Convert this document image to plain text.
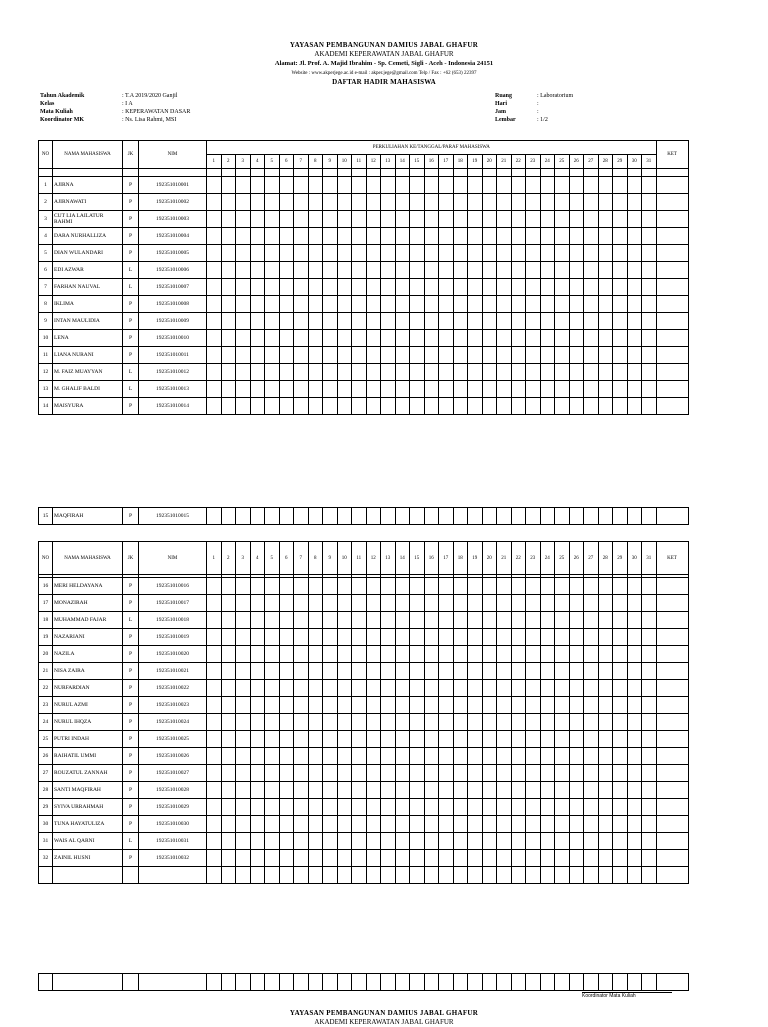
YAYASAN PEMBANGUNAN DAMIUS JABAL GHAFUR
AKADEMI KEPERAWATAN JABAL GHAFUR
Alamat: Jl. Prof. A. Majid Ibrahim - Sp. Cemeti, Sigli - Aceh - Indonesia 24151
Website : www.akperjege.ac.id e-mail : akper.jege@gmail.com Telp / Fax : +62 (653) 22397
DAFTAR HADIR MAHASISWA
Tahun Akademik	: T.A 2019/2020 Ganjil
Kelas	: I A
Mata Kuliah	: KEPERAWATAN DASAR
Koordinator MK	: Ns. Lisa Rahmi, MSI
Ruang	: Laboratorium
Hari	:
Jam	:
Lembar	: 1/2
NO	NAMA MAHASISWA	JK	NIM	PERKULIAHAN KE/TANGGAL/PARAF MAHASISWA																															KET
				1	2	3	4	5	6	7	8	9	10	11	12	13	14	15	16	17	18	19	20	21	22	23	24	25	26	27	28	29	30	31	

1	AJIRNA	P	192351010001																																
2	AJIRNAWATI	P	192351010002																																
3	CUT LIA LAILATUR RAHMI	P	192351010003																																
4	DARA NURHALLIZA	P	192351010004																																
5	DIAN WULANDARI	P	192351010005																																
6	EDI AZWAR	L	192351010006																																
7	FARHAN NAUVAL	L	192351010007																																
8	IKLIMA	P	192351010008																																
9	INTAN MAULIDIA	P	192351010009																																
10	LENA	P	192351010010																																
11	LIANA NURANI	P	192351010011																																
12	M. FAIZ MUAYYAN	L	192351010012																																
13	M. GHALIF BALDI	L	192351010013																																
14	MAISYURA	P	192351010014																																
15	MAQFIRAH	P	192351010015																																
NO	NAMA MAHASISWA	JK	NIM	1	2	3	4	5	6	7	8	9	10	11	12	13	14	15	16	17	18	19	20	21	22	23	24	25	26	27	28	29	30	31	KET

16	MERI HELDAYANA	P	192351010016																																
17	MONAZIRAH	P	192351010017																																
18	MUHAMMAD FAJAR	L	192351010018																																
19	NAZARIANI	P	192351010019																																
20	NAZILA	P	192351010020																																
21	NISA ZAIRA	P	192351010021																																
22	NURFARDIAN	P	192351010022																																
23	NURUL AZMI	P	192351010023																																
24	NURUL IHQZA	P	192351010024																																
25	PUTRI INDAH	P	192351010025																																
26	RAIHATIL UMMI	P	192351010026																																
27	ROUZATUL ZANNAH	P	192351010027																																
28	SANTI MAQFIRAH	P	192351010028																																
29	SYIVA URRAHMAH	P	192351010029																																
30	TUNA HAYATULIZA	P	192351010030																																
31	WAIS AL QARNI	L	192351010031																																
32	ZAINIL HUSNI	P	192351010032																																

Koordinator Mata Kuliah
YAYASAN PEMBANGUNAN DAMIUS JABAL GHAFUR
AKADEMI KEPERAWATAN JABAL GHAFUR
